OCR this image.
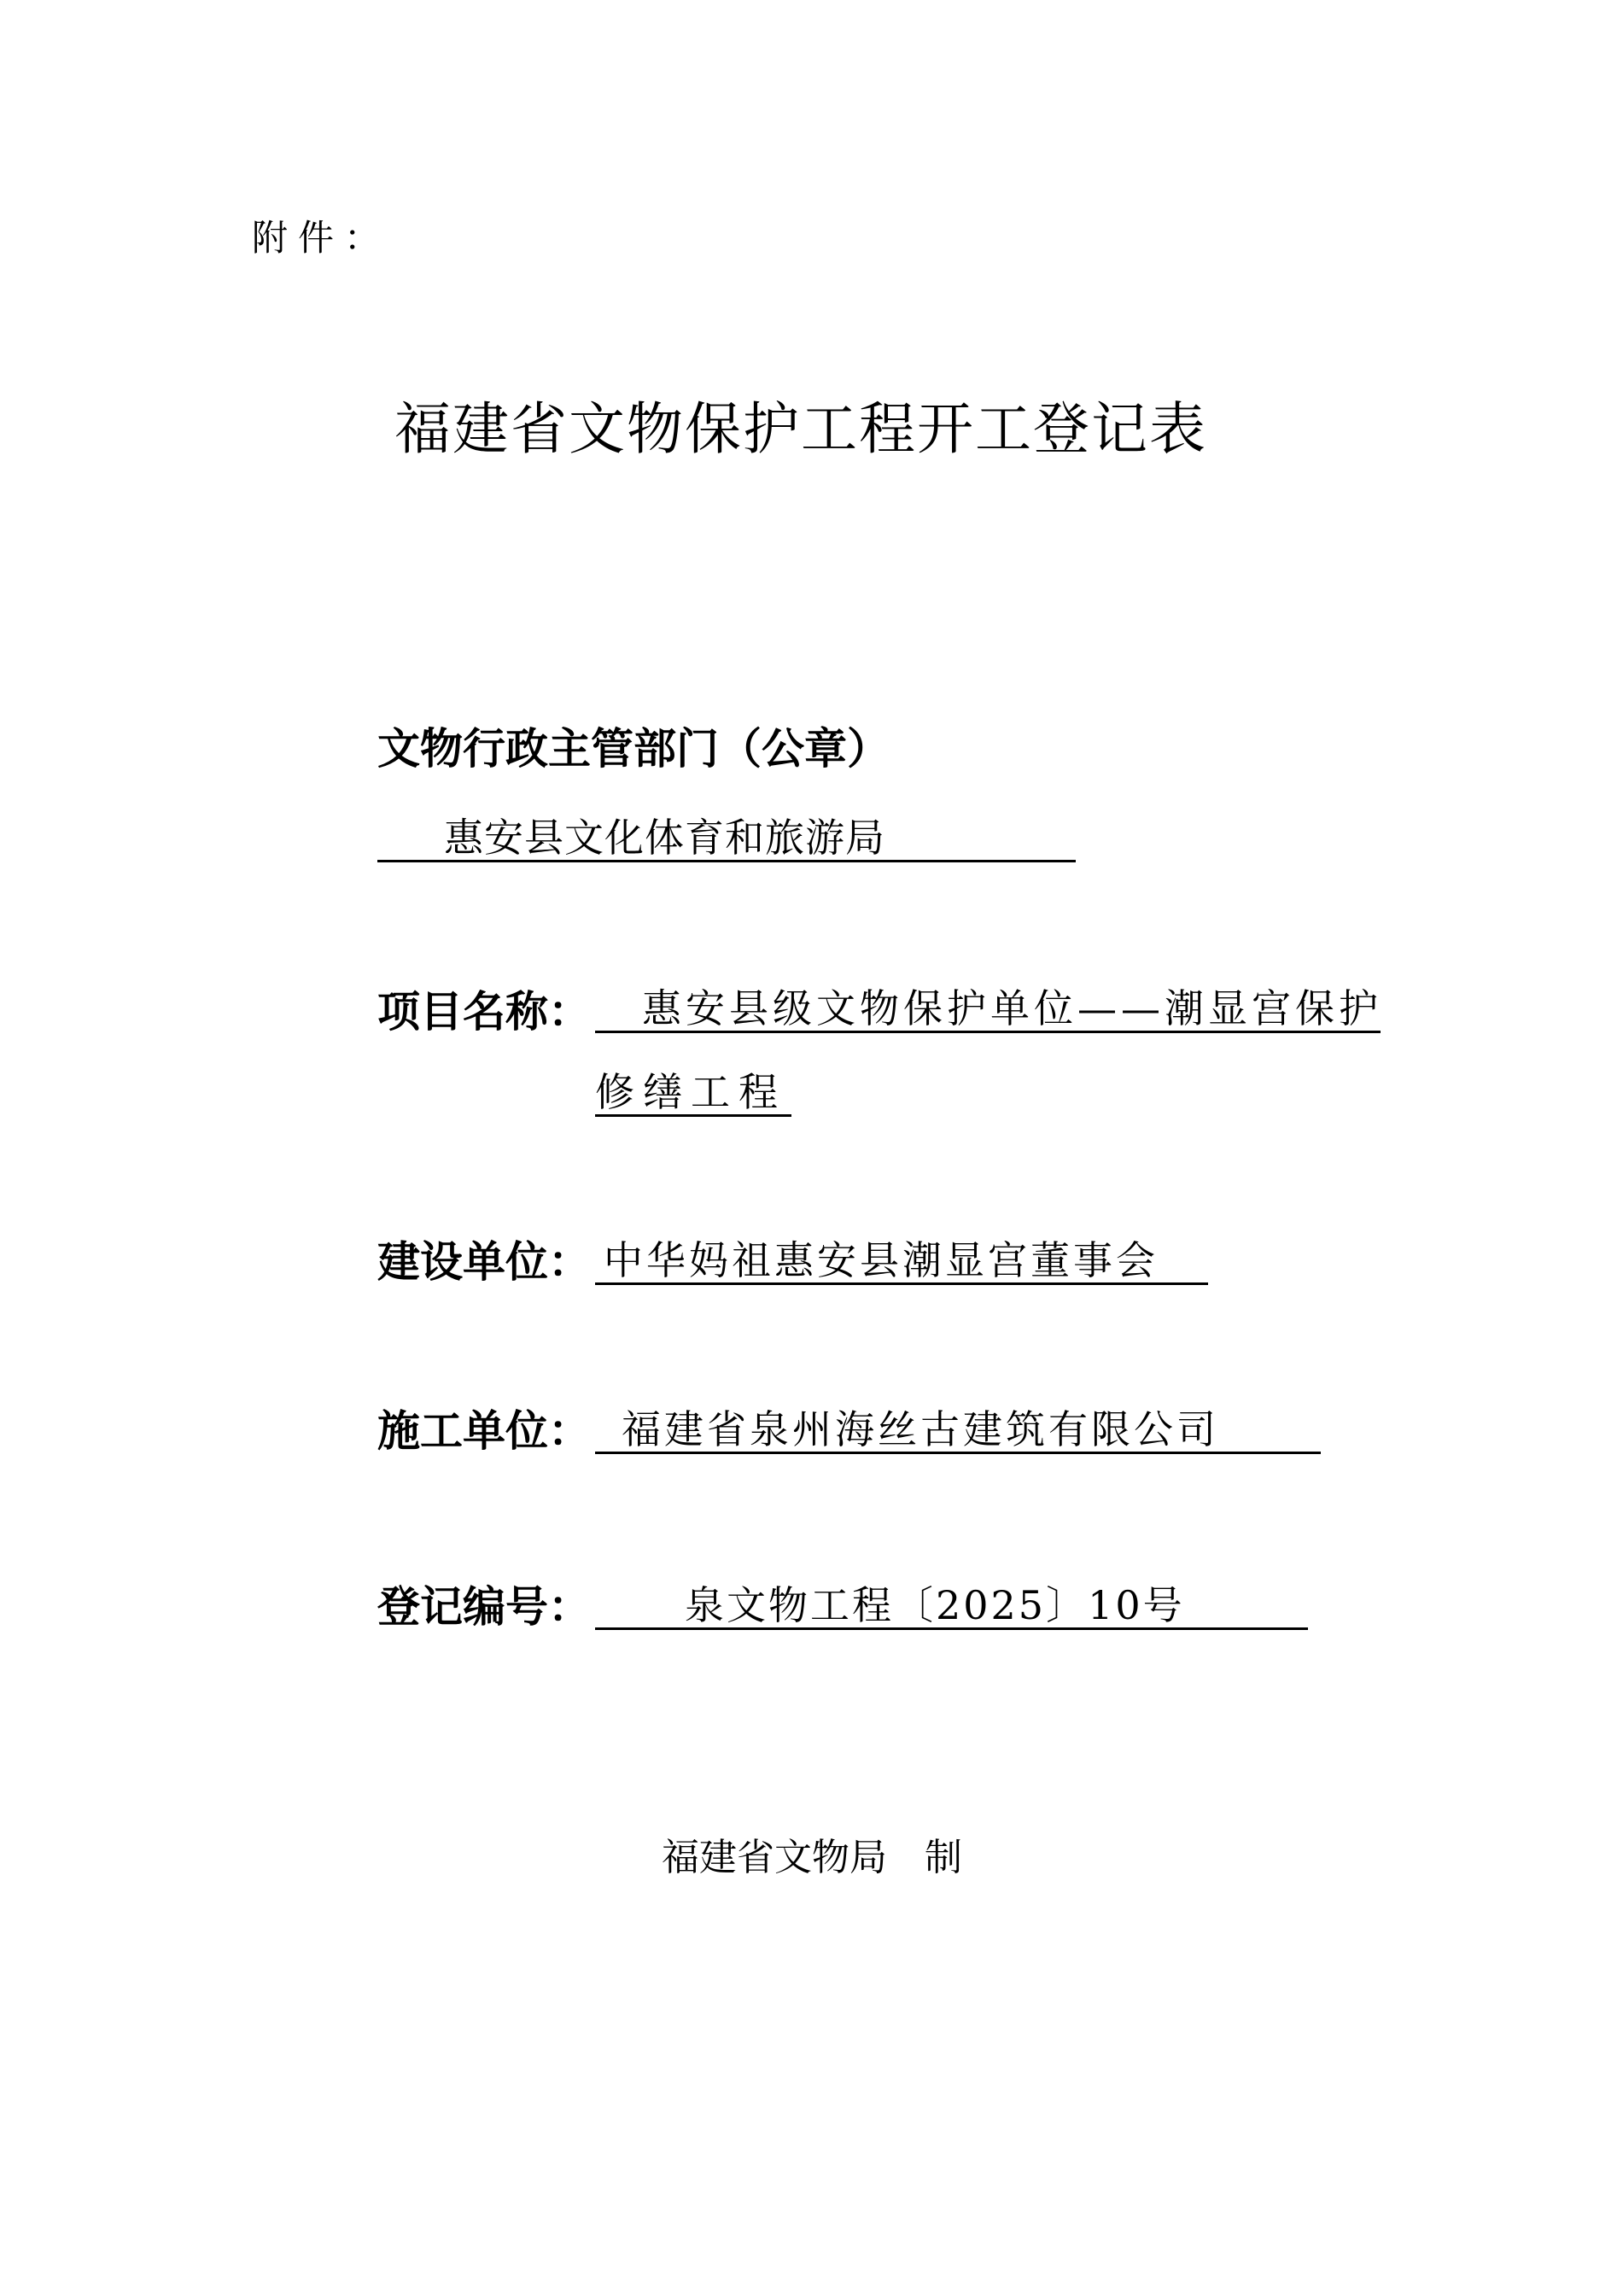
附件：
福建省文物保护工程开工登记表
文物行政主管部门（公章）
惠安县文化体育和旅游局
项目名称： 惠安县级文物保护单位——潮显宫保护
修缮工程
建设单位： 中华妈祖惠安县潮显宫董事会
施工单位： 福建省泉州海丝古建筑有限公司
登记编号： 泉文物工程〔2025〕10号
福建省文物局　制
